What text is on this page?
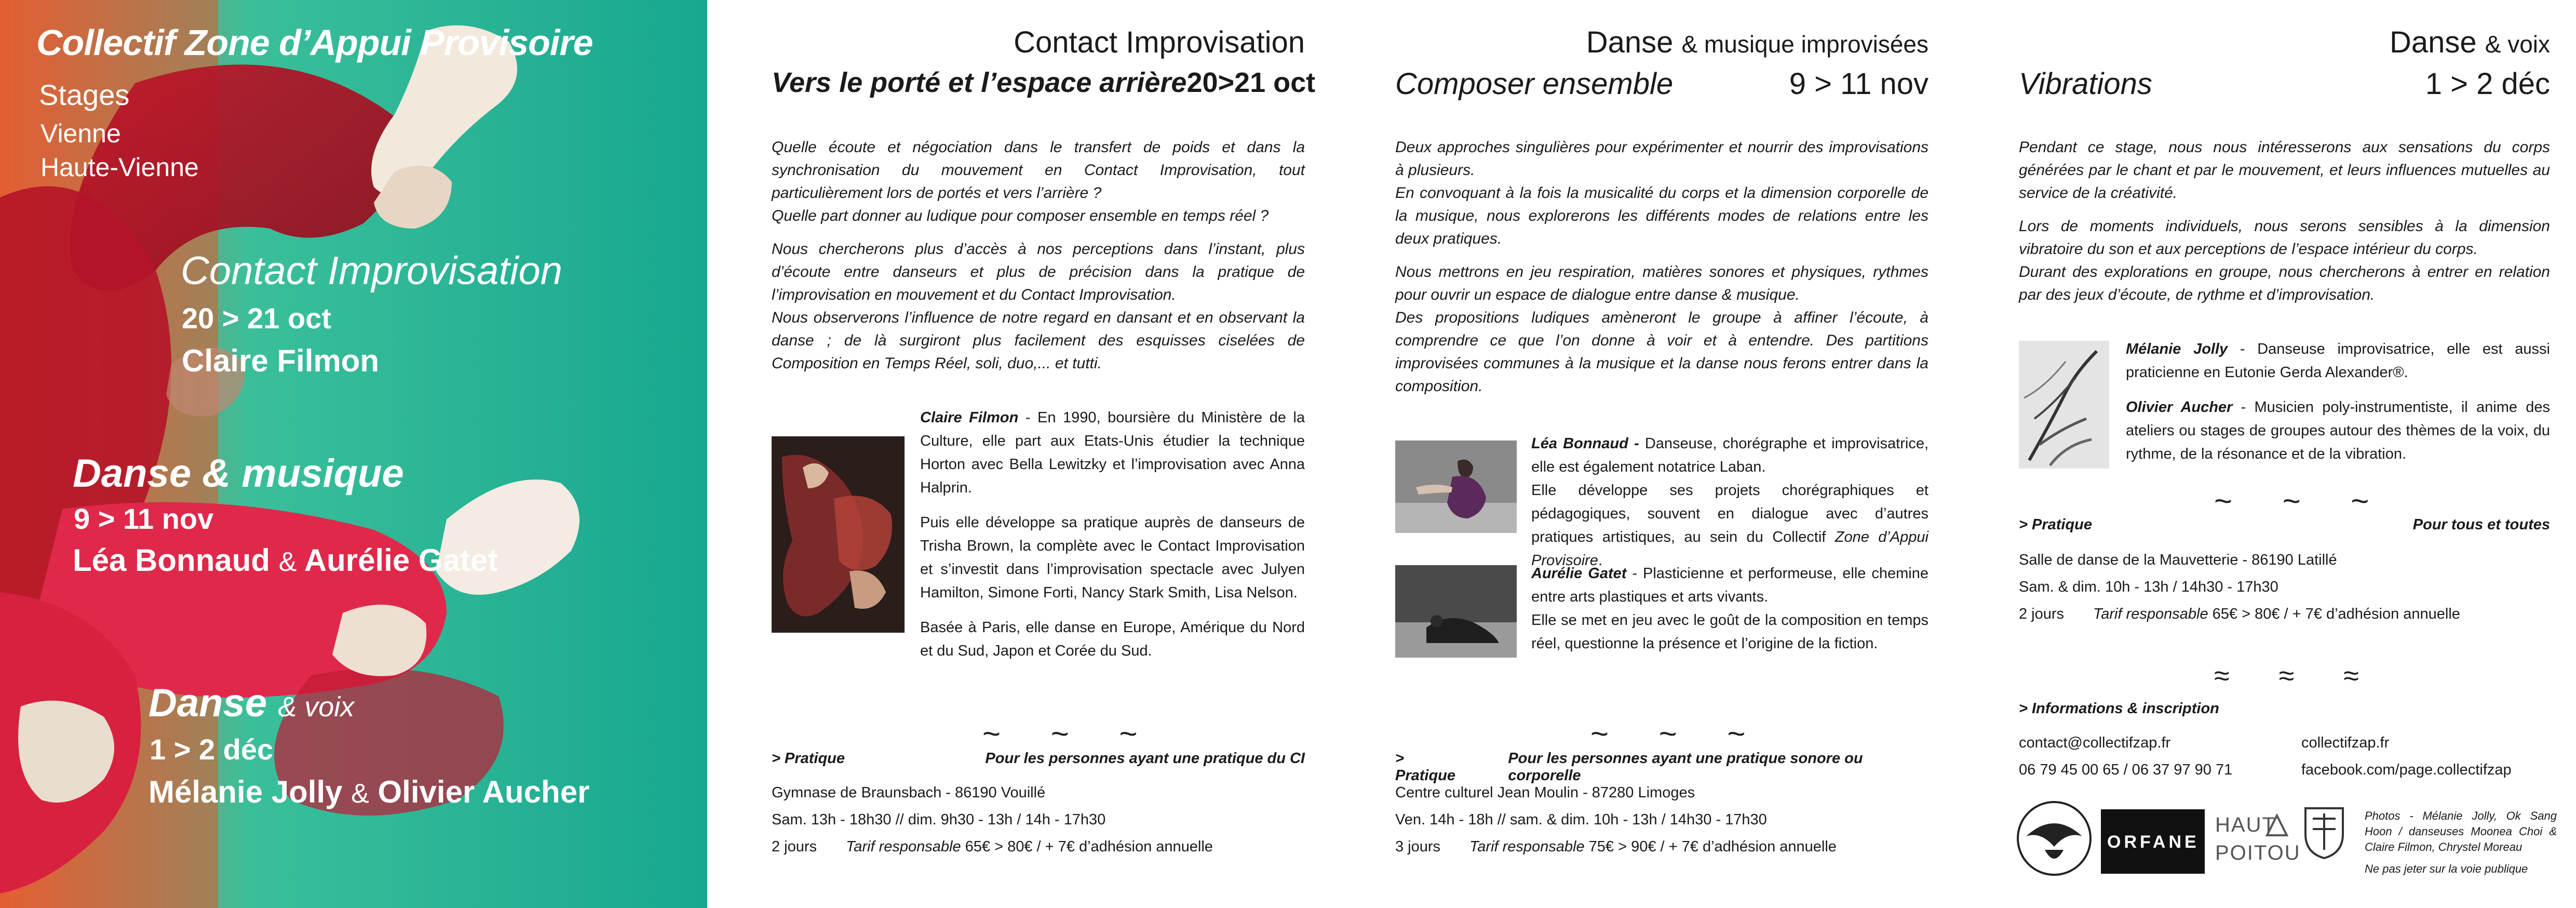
Collectif Zone d’Appui Provisoire
Stages
Vienne
Haute-Vienne
Contact Improvisation
20 > 21 oct
Claire Filmon
Danse & musique
9 > 11 nov
Léa Bonnaud & Aurélie Gatet
Danse & voix
1 > 2 déc
Mélanie Jolly & Olivier Aucher
Contact Improvisation
Vers le porté et l’espace arrière 20>21 oct

Quelle écoute et négociation dans le transfert de poids et dans la synchronisation du mouvement en Contact Improvisation, tout particulièrement lors de portés et vers l’arrière ?

Quelle part donner au ludique pour composer ensemble en temps réel ?

Nous chercherons plus d’accès à nos perceptions dans l’instant, plus d’écoute entre danseurs et plus de précision dans la pratique de l’improvisation en mouvement et du Contact Improvisation.

Nous observerons l’influence de notre regard en dansant et en observant la danse ; de là surgiront plus facilement des esquisses ciselées de Composition en Temps Réel, soli, duo,... et tutti.

Claire Filmon - En 1990, boursière du Ministère de la Culture, elle part aux Etats-Unis étudier la technique Horton avec Bella Lewitzky et l’improvisation avec Anna Halprin.

Puis elle développe sa pratique auprès de danseurs de Trisha Brown, la complète avec le Contact Improvisation et s’investit dans l’improvisation spectacle avec Julyen Hamilton, Simone Forti, Nancy Stark Smith, Lisa Nelson.

Basée à Paris, elle danse en Europe, Amérique du Nord et du Sud, Japon et Corée du Sud.

~ ~ ~
> Pratique	Pour les personnes ayant une pratique du CI
Gymnase de Braunsbach - 86190 Vouillé
Sam. 13h - 18h30 // dim. 9h30 - 13h / 14h - 17h30
2 jours Tarif responsable 65€ > 80€ / + 7€ d’adhésion annuelle
Danse & musique improvisées
Composer ensemble	9 > 11 nov

Deux approches singulières pour expérimenter et nourrir des improvisations à plusieurs.

En convoquant à la fois la musicalité du corps et la dimension corporelle de la musique, nous explorerons les différents modes de relations entre les deux pratiques.

Nous mettrons en jeu respiration, matières sonores et physiques, rythmes pour ouvrir un espace de dialogue entre danse & musique.

Des propositions ludiques amèneront le groupe à affiner l’écoute, à comprendre ce que l’on donne à voir et à entendre. Des partitions improvisées communes à la musique et la danse nous ferons entrer dans la composition.

Léa Bonnaud - Danseuse, chorégraphe et improvisatrice, elle est également notatrice Laban.

Elle développe ses projets chorégraphiques et pédagogiques, souvent en dialogue avec d’autres pratiques artistiques, au sein du Collectif Zone d’Appui Provisoire.

Aurélie Gatet - Plasticienne et performeuse, elle chemine entre arts plastiques et arts vivants.

Elle se met en jeu avec le goût de la composition en temps réel, questionne la présence et l’origine de la fiction.

~ ~ ~
> Pratique
Pour les personnes ayant une pratique sonore ou corporelle
Centre culturel Jean Moulin - 87280 Limoges
Ven. 14h - 18h // sam. & dim. 10h - 13h / 14h30 - 17h30
3 jours Tarif responsable 75€ > 90€ / + 7€ d’adhésion annuelle
Danse & voix
Vibrations	1 > 2 déc

Pendant ce stage, nous nous intéresserons aux sensations du corps générées par le chant et par le mouvement, et leurs influences mutuelles au service de la créativité.

Lors de moments individuels, nous serons sensibles à la dimension vibratoire du son et aux perceptions de l’espace intérieur du corps.

Durant des explorations en groupe, nous chercherons à entrer en relation par des jeux d’écoute, de rythme et d’improvisation.

Mélanie Jolly - Danseuse improvisatrice, elle est aussi praticienne en Eutonie Gerda Alexander®.

Olivier Aucher - Musicien poly-instrumentiste, il anime des ateliers ou stages de groupes autour des thèmes de la voix, du rythme, de la résonance et de la vibration.

~ ~ ~
> Pratique	Pour tous et toutes
Salle de danse de la Mauvetterie - 86190 Latillé
Sam. & dim. 10h - 13h / 14h30 - 17h30
2 jours Tarif responsable 65€ > 80€ / + 7€ d’adhésion annuelle
≈ ≈ ≈
> Informations & inscription
contact@collectifzap.fr
06 79 45 00 65 / 06 37 97 90 71
collectifzap.fr
facebook.com/page.collectifzap
ORFANE
HAUT
POITOU
Photos - Mélanie Jolly, Ok Sang Hoon / danseuses Moonea Choi & Claire Filmon, Chrystel Moreau
Ne pas jeter sur la voie publique
